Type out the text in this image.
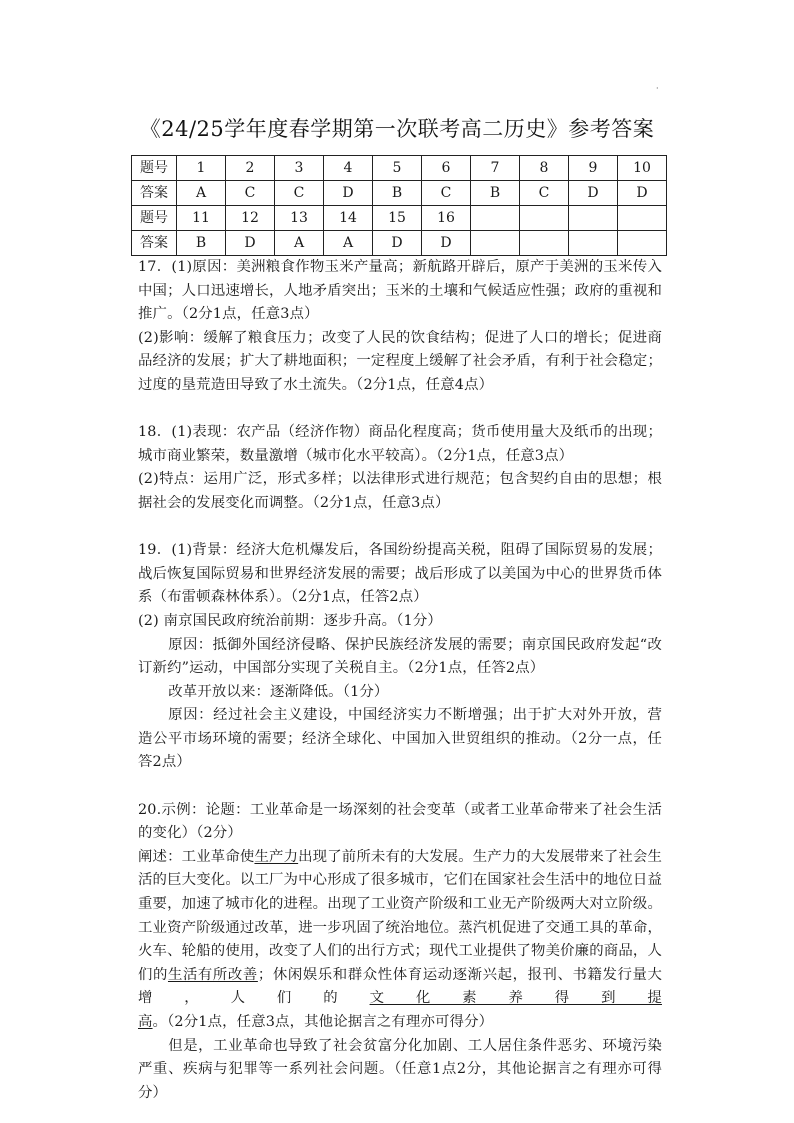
·
《24/25学年度春学期第一次联考高二历史》参考答案
题号	1	2	3	4	5	6	7	8	9	10
答案	A	C	C	D	B	C	B	C	D	D
题号	11	12	13	14	15	16				
答案	B	D	A	A	D	D				

17．(1)原因：美洲粮食作物玉米产量高；新航路开辟后，原产于美洲的玉米传入中国；人口迅速增长，人地矛盾突出；玉米的土壤和气候适应性强；政府的重视和推广。（2分1点，任意3点）

(2)影响：缓解了粮食压力；改变了人民的饮食结构；促进了人口的增长；促进商品经济的发展；扩大了耕地面积；一定程度上缓解了社会矛盾，有利于社会稳定；过度的垦荒造田导致了水土流失。（2分1点，任意4点）

18．(1)表现：农产品（经济作物）商品化程度高；货币使用量大及纸币的出现；城市商业繁荣，数量激增（城市化水平较高）。（2分1点，任意3点）

(2)特点：运用广泛，形式多样；以法律形式进行规范；包含契约自由的思想；根据社会的发展变化而调整。（2分1点，任意3点）

19．(1)背景：经济大危机爆发后，各国纷纷提高关税，阻碍了国际贸易的发展；战后恢复国际贸易和世界经济发展的需要；战后形成了以美国为中心的世界货币体系（布雷顿森林体系）。（2分1点，任答2点）

(2) 南京国民政府统治前期：逐步升高。（1分）

原因：抵御外国经济侵略、保护民族经济发展的需要；南京国民政府发起“改订新约”运动，中国部分实现了关税自主。（2分1点，任答2点）

改革开放以来：逐渐降低。（1分）

原因：经过社会主义建设，中国经济实力不断增强；出于扩大对外开放，营造公平市场环境的需要；经济全球化、中国加入世贸组织的推动。（2分一点，任答2点）

20.示例：论题：工业革命是一场深刻的社会变革（或者工业革命带来了社会生活的变化）（2分）

阐述：工业革命使生产力出现了前所未有的大发展。生产力的大发展带来了社会生活的巨大变化。以工厂为中心形成了很多城市，它们在国家社会生活中的地位日益重要，加速了城市化的进程。出现了工业资产阶级和工业无产阶级两大对立阶级。工业资产阶级通过改革，进一步巩固了统治地位。蒸汽机促进了交通工具的革命，火车、轮船的使用，改变了人们的出行方式；现代工业提供了物美价廉的商品，人们的生活有所改善；休闲娱乐和群众性体育运动逐渐兴起，报刊、书籍发行量大增，人们的文化素养得到提高。（2分1点，任意3点，其他论据言之有理亦可得分）

但是，工业革命也导致了社会贫富分化加剧、工人居住条件恶劣、环境污染严重、疾病与犯罪等一系列社会问题。（任意1点2分，其他论据言之有理亦可得分）
